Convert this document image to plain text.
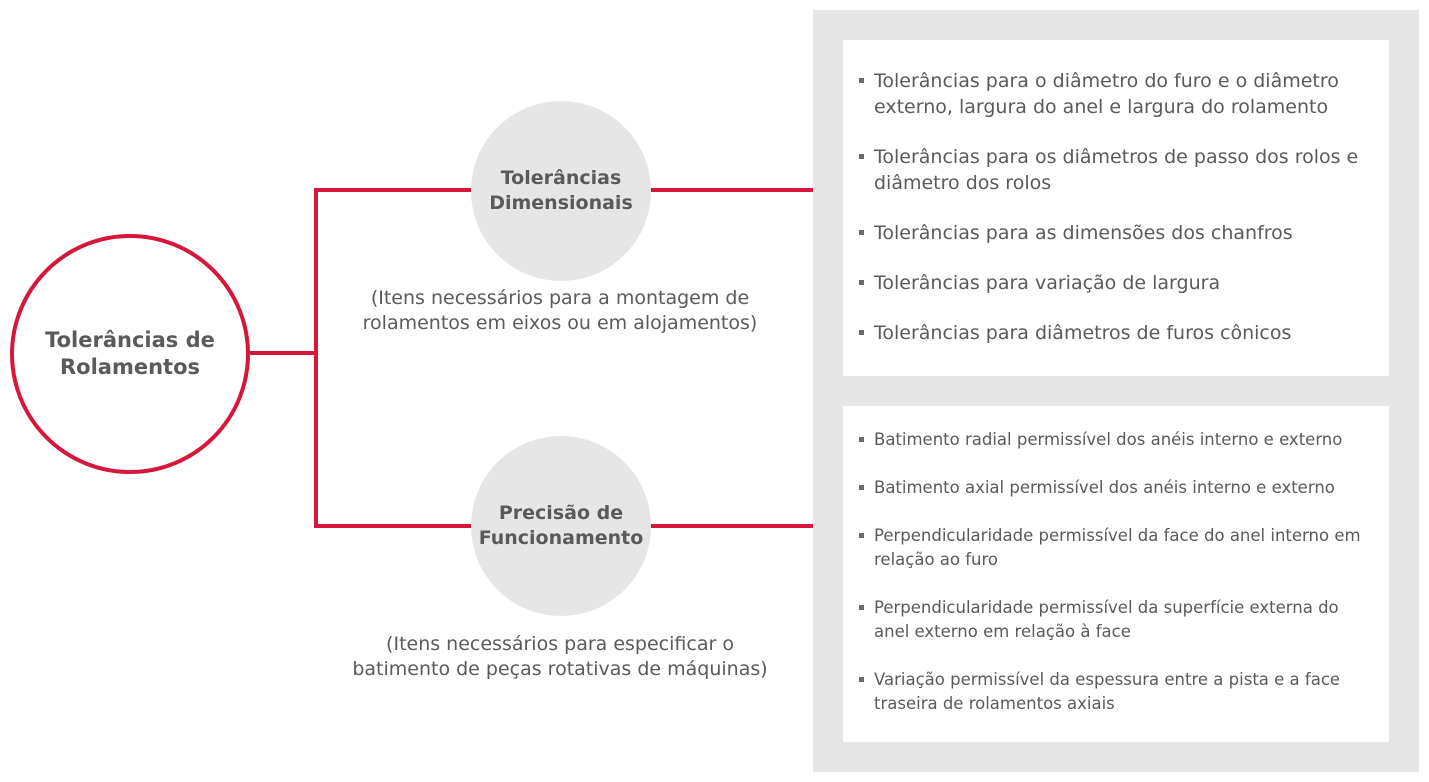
Tolerâncias de
Rolamentos
Tolerâncias
Dimensionais
(Itens necessários para a montagem de
rolamentos em eixos ou em alojamentos)
Precisão de
Funcionamento
(Itens necessários para especificar o
batimento de peças rotativas de máquinas)
Tolerâncias para o diâmetro do furo e o diâmetro externo, largura do anel e largura do rolamento
Tolerâncias para os diâmetros de passo dos rolos e diâmetro dos rolos
Tolerâncias para as dimensões dos chanfros
Tolerâncias para variação de largura
Tolerâncias para diâmetros de furos cônicos
Batimento radial permissível dos anéis interno e externo
Batimento axial permissível dos anéis interno e externo
Perpendicularidade permissível da face do anel interno em relação ao furo
Perpendicularidade permissível da superfície externa do anel externo em relação à face
Variação permissível da espessura entre a pista e a face traseira de rolamentos axiais
